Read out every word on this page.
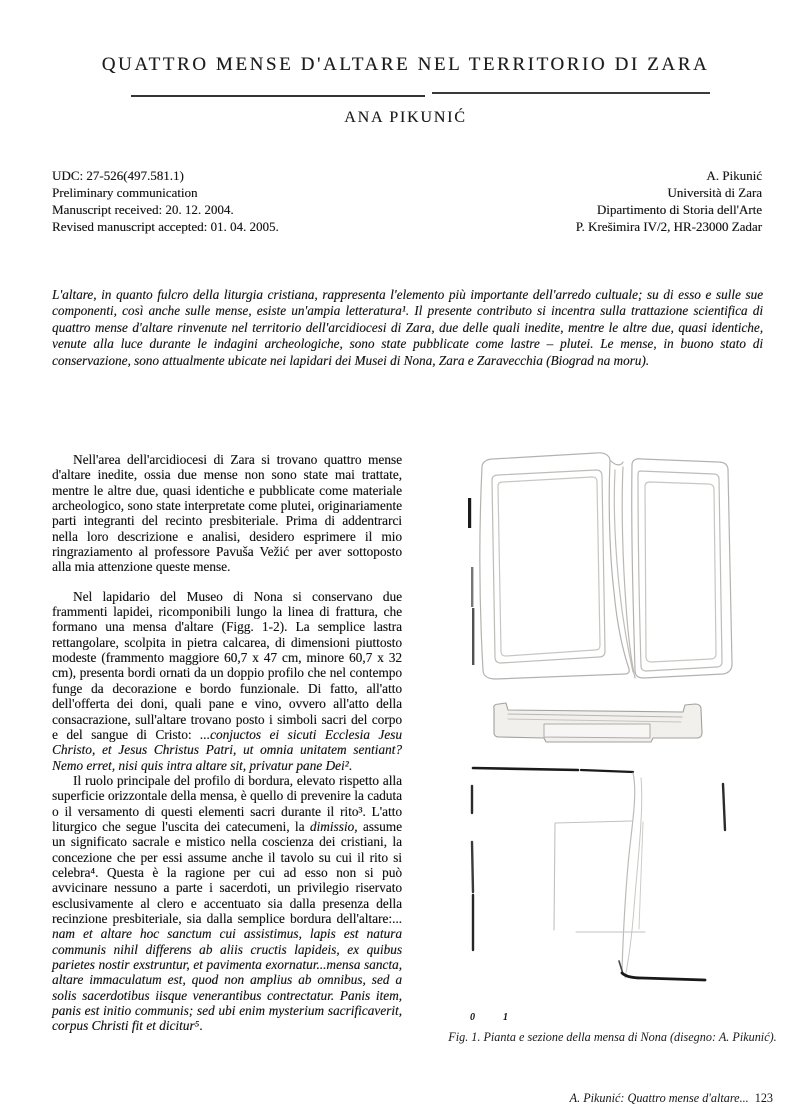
QUATTRO MENSE D'ALTARE NEL TERRITORIO DI ZARA
ANA PIKUNIĆ
UDC: 27-526(497.581.1)
Preliminary communication
Manuscript received: 20. 12. 2004.
Revised manuscript accepted: 01. 04. 2005.
A. Pikunić
Università di Zara
Dipartimento di Storia dell'Arte
P. Krešimira IV/2, HR-23000 Zadar
L'altare, in quanto fulcro della liturgia cristiana, rappresenta l'elemento più importante dell'arredo cultuale; su di esso e sulle sue componenti, così anche sulle mense, esiste un'ampia letteratura¹. Il presente contributo si incentra sulla trattazione scientifica di quattro mense d'altare rinvenute nel territorio dell'arcidiocesi di Zara, due delle quali inedite, mentre le altre due, quasi identiche, venute alla luce durante le indagini archeologiche, sono state pubblicate come lastre – plutei. Le mense, in buono stato di conservazione, sono attualmente ubicate nei lapidari dei Musei di Nona, Zara e Zaravecchia (Biograd na moru).

Nell'area dell'arcidiocesi di Zara si trovano quattro mense d'altare inedite, ossia due mense non sono state mai trattate, mentre le altre due, quasi identiche e pubblicate come materiale archeologico, sono state interpretate come plutei, originariamente parti integranti del recinto presbiteriale. Prima di addentrarci nella loro descrizione e analisi, desidero esprimere il mio ringraziamento al professore Pavuša Vežić per aver sottoposto alla mia attenzione queste mense.

Nel lapidario del Museo di Nona si conservano due frammenti lapidei, ricomponibili lungo la linea di frattura, che formano una mensa d'altare (Figg. 1-2). La semplice lastra rettangolare, scolpita in pietra calcarea, di dimensioni piuttosto modeste (frammento maggiore 60,7 x 47 cm, minore 60,7 x 32 cm), presenta bordi ornati da un doppio profilo che nel contempo funge da decorazione e bordo funzionale. Di fatto, all'atto dell'offerta dei doni, quali pane e vino, ovvero all'atto della consacrazione, sull'altare trovano posto i simboli sacri del corpo e del sangue di Cristo: ...conjuctos ei sicuti Ecclesia Jesu Christo, et Jesus Christus Patri, ut omnia unitatem sentiant? Nemo erret, nisi quis intra altare sit, privatur pane Dei².

Il ruolo principale del profilo di bordura, elevato rispetto alla superficie orizzontale della mensa, è quello di prevenire la caduta o il versamento di questi elementi sacri durante il rito³. L'atto liturgico che segue l'uscita dei catecumeni, la dimissio, assume un significato sacrale e mistico nella coscienza dei cristiani, la concezione che per essi assume anche il tavolo su cui il rito si celebra⁴. Questa è la ragione per cui ad esso non si può avvicinare nessuno a parte i sacerdoti, un privilegio riservato esclusivamente al clero e accentuato sia dalla presenza della recinzione presbiteriale, sia dalla semplice bordura dell'altare:... nam et altare hoc sanctum cui assistimus, lapis est natura communis nihil differens ab aliis cructis lapideis, ex quibus parietes nostir exstruntur, et pavimenta exornatur...mensa sancta, altare immaculatum est, quod non amplius ab omnibus, sed a solis sacerdotibus iisque venerantibus contrectatur. Panis item, panis est initio communis; sed ubi enim mysterium sacrificaverit, corpus Christi fit et dicitur⁵.

0	1
Fig. 1. Pianta e sezione della mensa di Nona (disegno: A. Pikunić).
A. Pikunić: Quattro mense d'altare... 123
